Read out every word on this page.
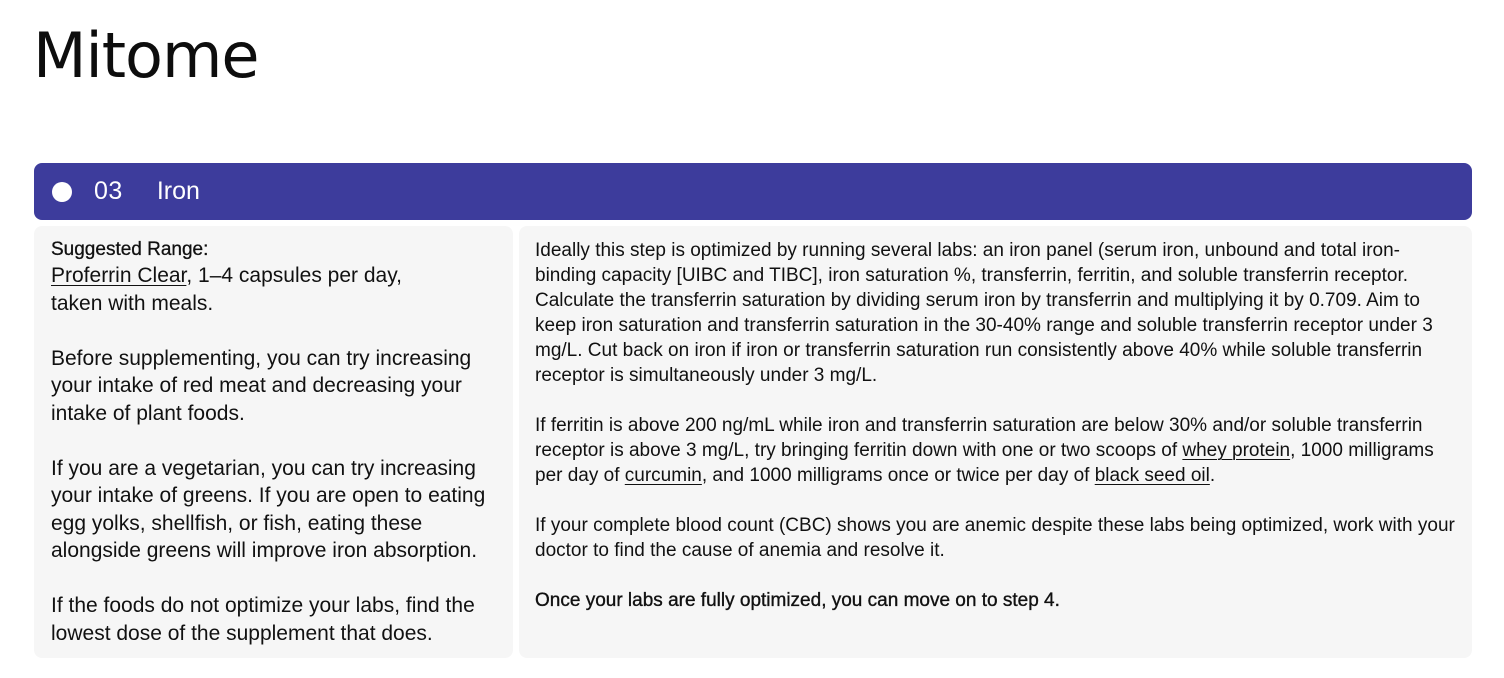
Mitome
03 Iron

Suggested Range:

Proferrin Clear, 1–4 capsules per day,
taken with meals.

Before supplementing, you can try increasing your intake of red meat and decreasing your intake of plant foods.

If you are a vegetarian, you can try increasing your intake of greens. If you are open to eating egg yolks, shellfish, or fish, eating these alongside greens will improve iron absorption.

If the foods do not optimize your labs, find the lowest dose of the supplement that does.

Ideally this step is optimized by running several labs: an iron panel (serum iron, unbound and total iron-binding capacity [UIBC and TIBC], iron saturation %, transferrin, ferritin, and soluble transferrin receptor. Calculate the transferrin saturation by dividing serum iron by transferrin and multiplying it by 0.709. Aim to keep iron saturation and transferrin saturation in the 30-40% range and soluble transferrin receptor under 3 mg/L. Cut back on iron if iron or transferrin saturation run consistently above 40% while soluble transferrin receptor is simultaneously under 3 mg/L.

If ferritin is above 200 ng/mL while iron and transferrin saturation are below 30% and/or soluble transferrin receptor is above 3 mg/L, try bringing ferritin down with one or two scoops of whey protein, 1000 milligrams per day of curcumin, and 1000 milligrams once or twice per day of black seed oil.

If your complete blood count (CBC) shows you are anemic despite these labs being optimized, work with your doctor to find the cause of anemia and resolve it.

Once your labs are fully optimized, you can move on to step 4.
